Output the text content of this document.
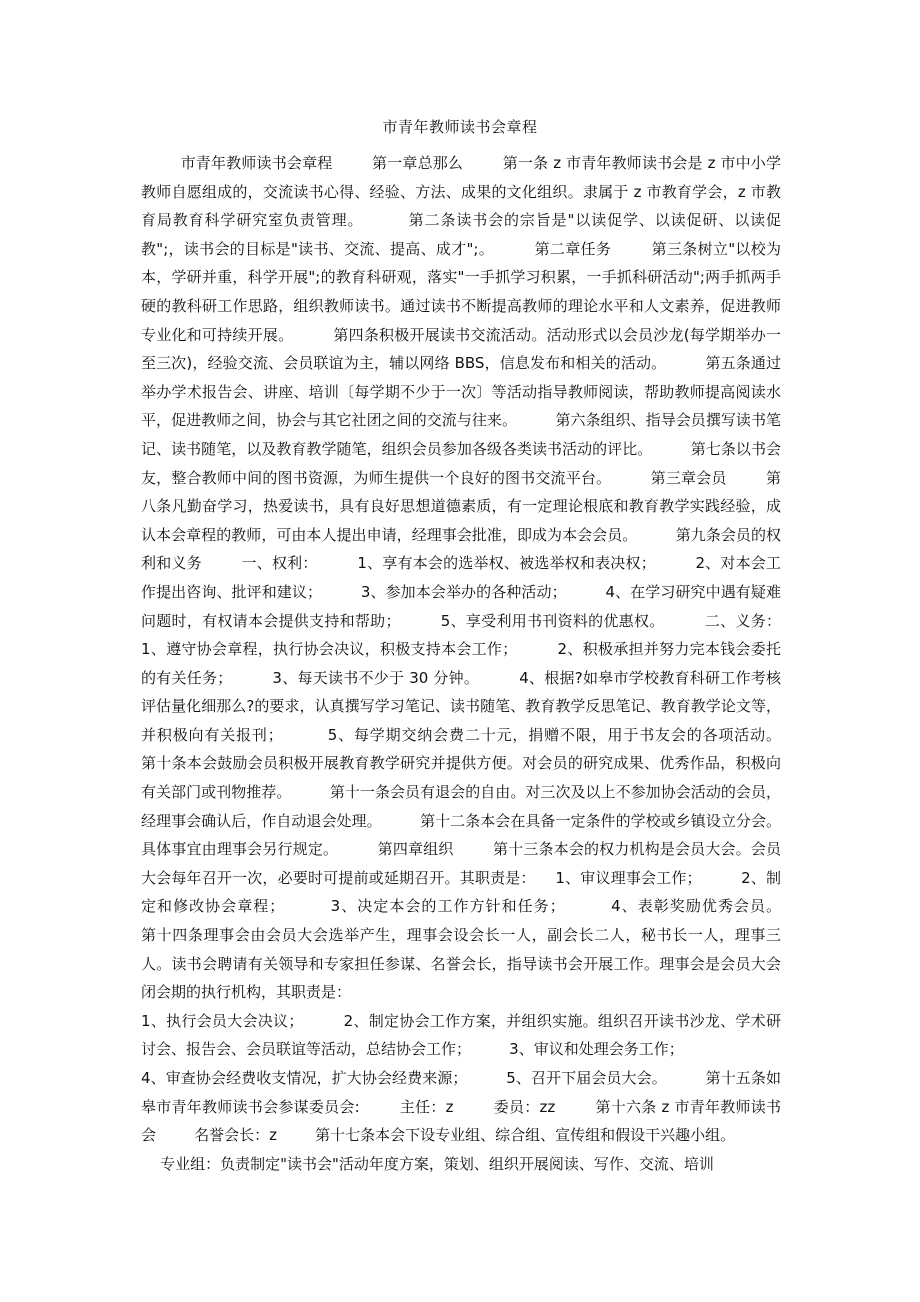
市青年教师读书会章程
市青年教师读书会章程        第一章总那么        第一条 z 市青年教师读书会是 z 市中小学教师自愿组成的，交流读书心得、经验、方法、成果的文化组织。隶属于 z 市教育学会，z 市教育局教育科学研究室负责管理。        第二条读书会的宗旨是"以读促学、以读促研、以读促教";，读书会的目标是"读书、交流、提高、成才";。        第二章任务        第三条树立"以校为本，学研并重，科学开展";的教育科研观，落实"一手抓学习积累，一手抓科研活动";两手抓两手硬的教科研工作思路，组织教师读书。通过读书不断提高教师的理论水平和人文素养，促进教师专业化和可持续开展。        第四条积极开展读书交流活动。活动形式以会员沙龙(每学期举办一至三次)，经验交流、会员联谊为主，辅以网络 BBS，信息发布和相关的活动。        第五条通过举办学术报告会、讲座、培训〔每学期不少于一次〕等活动指导教师阅读，帮助教师提高阅读水平，促进教师之间，协会与其它社团之间的交流与往来。        第六条组织、指导会员撰写读书笔记、读书随笔，以及教育教学随笔，组织会员参加各级各类读书活动的评比。        第七条以书会友，整合教师中间的图书资源，为师生提供一个良好的图书交流平台。        第三章会员        第八条凡勤奋学习，热爱读书，具有良好思想道德素质，有一定理论根底和教育教学实践经验，成认本会章程的教师，可由本人提出申请，经理事会批准，即成为本会会员。        第九条会员的权利和义务        一、权利：        1、享有本会的选举权、被选举权和表决权；        2、对本会工作提出咨询、批评和建议；        3、参加本会举办的各种活动；        4、在学习研究中遇有疑难问题时，有权请本会提供支持和帮助；        5、享受利用书刊资料的优惠权。        二、义务：        1、遵守协会章程，执行协会决议，积极支持本会工作；        2、积极承担并努力完本钱会委托的有关任务；        3、每天读书不少于 30 分钟。        4、根据?如皋市学校教育科研工作考核评估量化细那么?的要求，认真撰写学习笔记、读书随笔、教育教学反思笔记、教育教学论文等，并积极向有关报刊；        5、每学期交纳会费二十元，捐赠不限，用于书友会的各项活动。        第十条本会鼓励会员积极开展教育教学研究并提供方便。对会员的研究成果、优秀作品，积极向有关部门或刊物推荐。        第十一条会员有退会的自由。对三次及以上不参加协会活动的会员，经理事会确认后，作自动退会处理。        第十二条本会在具备一定条件的学校或乡镇设立分会。具体事宜由理事会另行规定。        第四章组织        第十三条本会的权力机构是会员大会。会员大会每年召开一次，必要时可提前或延期召开。其职责是：    1、审议理事会工作；        2、制定和修改协会章程；        3、决定本会的工作方针和任务；        4、表彰奖励优秀会员。        第十四条理事会由会员大会选举产生，理事会设会长一人，副会长二人，秘书长一人，理事三人。读书会聘请有关领导和专家担任参谋、名誉会长，指导读书会开展工作。理事会是会员大会闭会期的执行机构，其职责是：
1、执行会员大会决议；        2、制定协会工作方案，并组织实施。组织召开读书沙龙、学术研讨会、报告会、会员联谊等活动，总结协会工作；        3、审议和处理会务工作；
4、审查协会经费收支情况，扩大协会经费来源；        5、召开下届会员大会。        第十五条如皋市青年教师读书会参谋委员会:        主任：z        委员：zz        第十六条 z 市青年教师读书会        名誉会长：z        第十七条本会下设专业组、综合组、宣传组和假设干兴趣小组。
专业组：负责制定"读书会"活动年度方案，策划、组织开展阅读、写作、交流、培训
